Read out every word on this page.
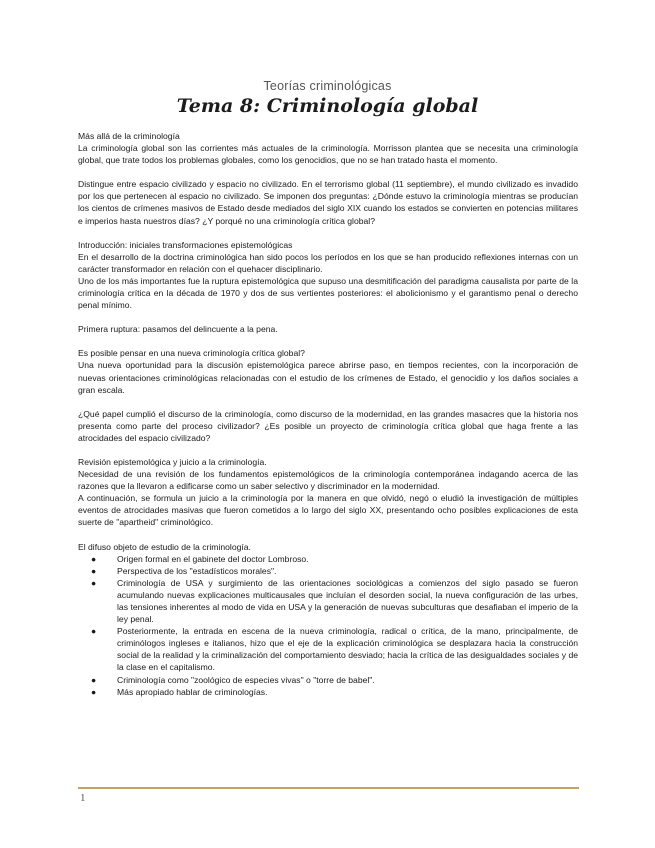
Teorías criminológicas
Tema 8: Criminología global

Más allá de la criminología

La criminología global son las corrientes más actuales de la criminología. Morrisson plantea que se necesita una criminología global, que trate todos los problemas globales, como los genocidios, que no se han tratado hasta el momento.

Distingue entre espacio civilizado y espacio no civilizado. En el terrorismo global (11 septiembre), el mundo civilizado es invadido por los que pertenecen al espacio no civilizado. Se imponen dos preguntas: ¿Dónde estuvo la criminología mientras se producían los cientos de crímenes masivos de Estado desde mediados del siglo XIX cuando los estados se convierten en potencias militares e imperios hasta nuestros días? ¿Y porqué no una criminología crítica global?

Introducción: iniciales transformaciones epistemológicas

En el desarrollo de la doctrina criminológica han sido pocos los períodos en los que se han producido reflexiones internas con un carácter transformador en relación con el quehacer disciplinario.

Uno de los más importantes fue la ruptura epistemológica que supuso una desmitificación del paradigma causalista por parte de la criminología crítica en la década de 1970 y dos de sus vertientes posteriores: el abolicionismo y el garantismo penal o derecho penal mínimo.

Primera ruptura: pasamos del delincuente a la pena.

Es posible pensar en una nueva criminología crítica global?

Una nueva oportunidad para la discusión epistemológica parece abrirse paso, en tiempos recientes, con la incorporación de nuevas orientaciones criminológicas relacionadas con el estudio de los crímenes de Estado, el genocidio y los daños sociales a gran escala.

¿Qué papel cumplió el discurso de la criminología, como discurso de la modernidad, en las grandes masacres que la historia nos presenta como parte del proceso civilizador? ¿Es posible un proyecto de criminología crítica global que haga frente a las atrocidades del espacio civilizado?

Revisión epistemológica y juicio a la criminología.

Necesidad de una revisión de los fundamentos epistemológicos de la criminología contemporánea indagando acerca de las razones que la llevaron a edificarse como un saber selectivo y discriminador en la modernidad.

A continuación, se formula un juicio a la criminología por la manera en que olvidó, negó o eludió la investigación de múltiples eventos de atrocidades masivas que fueron cometidos a lo largo del siglo XX, presentando ocho posibles explicaciones de esta suerte de "apartheid" criminológico.

El difuso objeto de estudio de la criminología.

● Origen formal en el gabinete del doctor Lombroso.
● Perspectiva de los "estadísticos morales".
● Criminología de USA y surgimiento de las orientaciones sociológicas a comienzos del siglo pasado se fueron acumulando nuevas explicaciones multicausales que incluían el desorden social, la nueva configuración de las urbes, las tensiones inherentes al modo de vida en USA y la generación de nuevas subculturas que desafiaban el imperio de la ley penal.
● Posteriormente, la entrada en escena de la nueva criminología, radical o crítica, de la mano, principalmente, de criminólogos ingleses e italianos, hizo que el eje de la explicación criminológica se desplazara hacia la construcción social de la realidad y la criminalización del comportamiento desviado; hacia la crítica de las desigualdades sociales y de la clase en el capitalismo.
● Criminología como "zoológico de especies vivas" o "torre de babel".
● Más apropiado hablar de criminologías.
1
